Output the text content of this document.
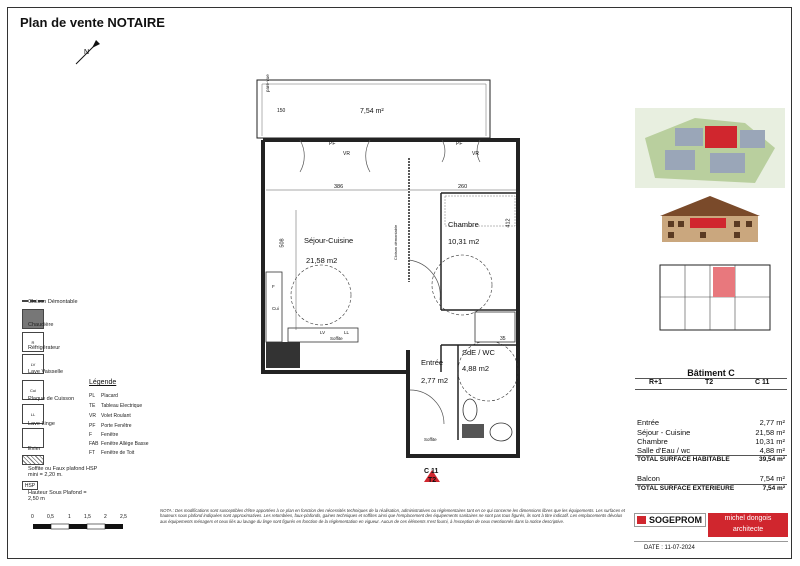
Plan de vente NOTAIRE
N
7,54 m²
pare-vue
150
PF
VR
PF
VR
386	260
508
412
Séjour-Cuisine
21,58 m2
Chambre
10,31 m2
SdE / WC
4,88 m2
Entrée
2,77 m2
F
Cui
LV	LL
Soffite
Soffite
Cloison démontable
35
C 11
T2
Cloison Démontable
Chaudière
R
Réfrigérateur
LV
Lave Vaisselle
Cui
Plaque de Cuisson
LL
Lave Linge
Evier
Soffite ou Faux plafond HSP mini = 2,20 m.
HSP
Hauteur Sous Plafond = 2,50 m
Légende
PL Placard
TE Tableau Electrique
VR Volet Roulant
PF Porte Fenêtre
F Fenêtre
FAB Fenêtre Allège Basse
FT Fenêtre de Toit
0	0,5	1	1,5	2	2,5
Bâtiment C
R+1	T2	C 11
Entrée	2,77 m²
Séjour - Cuisine	21,58 m²
Chambre	10,31 m²
Salle d'Eau / wc	4,88 m²
TOTAL SURFACE HABITABLE	39,54 m²
Balcon	7,54 m²
TOTAL SURFACE EXTERIEURE	7,54 m²
NOTA : Des modifications sont susceptibles d'être apportées à ce plan en fonction des nécessités techniques de la réalisation, administratives ou réglementaires tant en ce qui concerne les dimensions libres que les équipements. Les surfaces et hauteurs sous plafond indiquées sont approximatives. Les retombées, faux-plafonds, gaines techniques et soffites ainsi que l'emplacement des équipements sanitaires ne sont pas tous figurés, ils sont à titre indicatif. Les emplacements dévolus aux équipements ménagers et ceux liés au lavage du linge sont figurés en fonction de la réglementation en vigueur. Aucun de ces éléments n'est fourni, à l'exception de ceux mentionnés dans la notice descriptive.	SOGEPROM	michel dongois
architecte
DATE : 11-07-2024
